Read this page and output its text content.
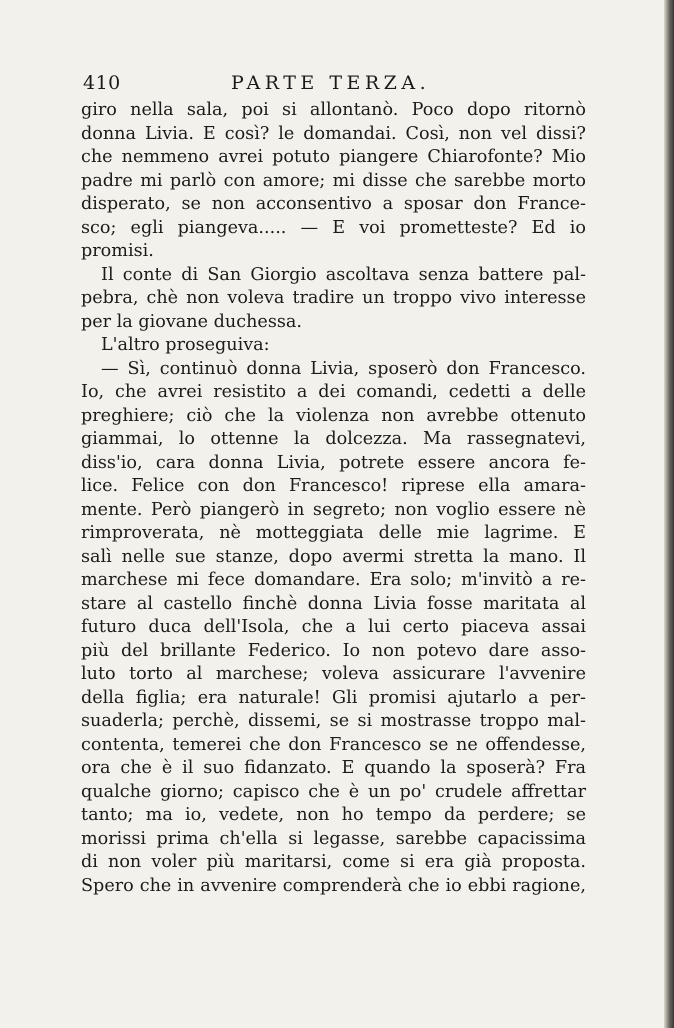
410	PARTE TERZA.
giro nella sala, poi si allontanò. Poco dopo ritornò
donna Livia. E così? le domandai. Così, non vel dissi?
che nemmeno avrei potuto piangere Chiarofonte? Mio
padre mi parlò con amore; mi disse che sarebbe morto
disperato, se non acconsentivo a sposar don France-
sco; egli piangeva..... — E voi prometteste? Ed io
promisi.
Il conte di San Giorgio ascoltava senza battere pal-
pebra, chè non voleva tradire un troppo vivo interesse
per la giovane duchessa.
L'altro proseguiva:
— Sì, continuò donna Livia, sposerò don Francesco.
Io, che avrei resistito a dei comandi, cedetti a delle
preghiere; ciò che la violenza non avrebbe ottenuto
giammai, lo ottenne la dolcezza. Ma rassegnatevi,
diss'io, cara donna Livia, potrete essere ancora fe-
lice. Felice con don Francesco! riprese ella amara-
mente. Però piangerò in segreto; non voglio essere nè
rimproverata, nè motteggiata delle mie lagrime. E
salì nelle sue stanze, dopo avermi stretta la mano. Il
marchese mi fece domandare. Era solo; m'invitò a re-
stare al castello finchè donna Livia fosse maritata al
futuro duca dell'Isola, che a lui certo piaceva assai
più del brillante Federico. Io non potevo dare asso-
luto torto al marchese; voleva assicurare l'avvenire
della figlia; era naturale! Gli promisi ajutarlo a per-
suaderla; perchè, dissemi, se si mostrasse troppo mal-
contenta, temerei che don Francesco se ne offendesse,
ora che è il suo fidanzato. E quando la sposerà? Fra
qualche giorno; capisco che è un po' crudele affrettar
tanto; ma io, vedete, non ho tempo da perdere; se
morissi prima ch'ella si legasse, sarebbe capacissima
di non voler più maritarsi, come si era già proposta.
Spero che in avvenire comprenderà che io ebbi ragione,
